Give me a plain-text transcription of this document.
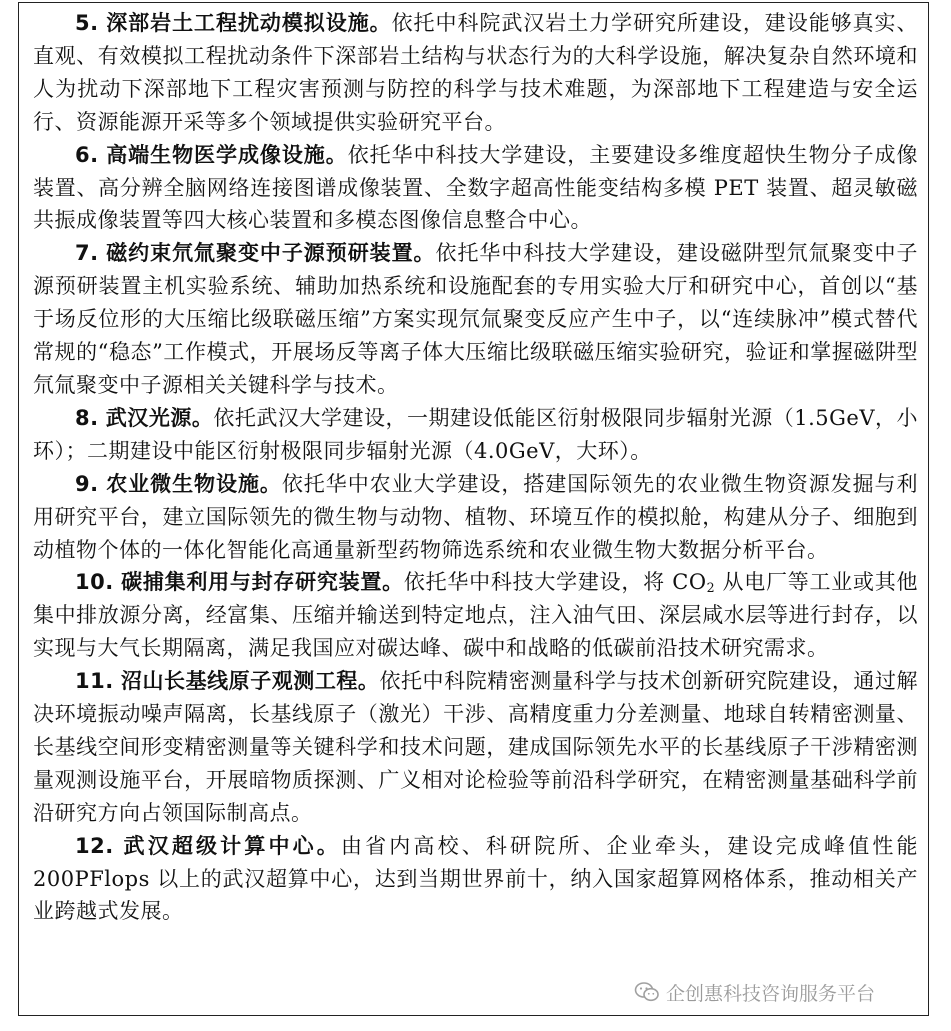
5. 深部岩土工程扰动模拟设施。依托中科院武汉岩土力学研究所建设，建设能够真实、直观、有效模拟工程扰动条件下深部岩土结构与状态行为的大科学设施，解决复杂自然环境和人为扰动下深部地下工程灾害预测与防控的科学与技术难题，为深部地下工程建造与安全运行、资源能源开采等多个领域提供实验研究平台。

6. 高端生物医学成像设施。依托华中科技大学建设，主要建设多维度超快生物分子成像装置、高分辨全脑网络连接图谱成像装置、全数字超高性能变结构多模 PET 装置、超灵敏磁共振成像装置等四大核心装置和多模态图像信息整合中心。

7. 磁约束氘氚聚变中子源预研装置。依托华中科技大学建设，建设磁阱型氘氚聚变中子源预研装置主机实验系统、辅助加热系统和设施配套的专用实验大厅和研究中心，首创以“基于场反位形的大压缩比级联磁压缩”方案实现氘氚聚变反应产生中子，以“连续脉冲”模式替代常规的“稳态”工作模式，开展场反等离子体大压缩比级联磁压缩实验研究，验证和掌握磁阱型氘氚聚变中子源相关关键科学与技术。

8. 武汉光源。依托武汉大学建设，一期建设低能区衍射极限同步辐射光源（1.5GeV，小环）；二期建设中能区衍射极限同步辐射光源（4.0GeV，大环）。

9. 农业微生物设施。依托华中农业大学建设，搭建国际领先的农业微生物资源发掘与利用研究平台，建立国际领先的微生物与动物、植物、环境互作的模拟舱，构建从分子、细胞到动植物个体的一体化智能化高通量新型药物筛选系统和农业微生物大数据分析平台。

10. 碳捕集利用与封存研究装置。依托华中科技大学建设，将 $CO_2$ 从电厂等工业或其他集中排放源分离，经富集、压缩并输送到特定地点，注入油气田、深层咸水层等进行封存，以实现与大气长期隔离，满足我国应对碳达峰、碳中和战略的低碳前沿技术研究需求。

11. 沼山长基线原子观测工程。依托中科院精密测量科学与技术创新研究院建设，通过解决环境振动噪声隔离，长基线原子（激光）干涉、高精度重力分差测量、地球自转精密测量、长基线空间形变精密测量等关键科学和技术问题，建成国际领先水平的长基线原子干涉精密测量观测设施平台，开展暗物质探测、广义相对论检验等前沿科学研究，在精密测量基础科学前沿研究方向占领国际制高点。

12. 武汉超级计算中心。由省内高校、科研院所、企业牵头，建设完成峰值性能 200PFlops 以上的武汉超算中心，达到当期世界前十，纳入国家超算网格体系，推动相关产业跨越式发展。

企创惠科技咨询服务平台
